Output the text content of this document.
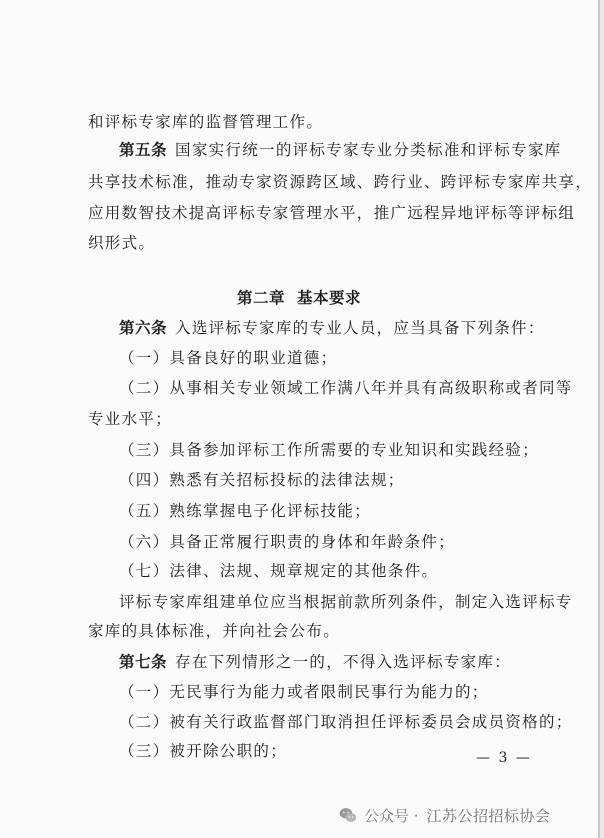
和评标专家库的监督管理工作。
第五条 国家实行统一的评标专家专业分类标准和评标专家库
共享技术标准，推动专家资源跨区域、跨行业、跨评标专家库共享，
应用数智技术提高评标专家管理水平，推广远程异地评标等评标组
织形式。
第二章 基本要求
第六条 入选评标专家库的专业人员，应当具备下列条件：
（一）具备良好的职业道德；
（二）从事相关专业领域工作满八年并具有高级职称或者同等
专业水平；
（三）具备参加评标工作所需要的专业知识和实践经验；
（四）熟悉有关招标投标的法律法规；
（五）熟练掌握电子化评标技能；
（六）具备正常履行职责的身体和年龄条件；
（七）法律、法规、规章规定的其他条件。
评标专家库组建单位应当根据前款所列条件，制定入选评标专
家库的具体标准，并向社会公布。
第七条 存在下列情形之一的，不得入选评标专家库：
（一）无民事行为能力或者限制民事行为能力的；
（二）被有关行政监督部门取消担任评标委员会成员资格的；
（三）被开除公职的；	— 3 —
公众号 · 江苏公招招标协会
